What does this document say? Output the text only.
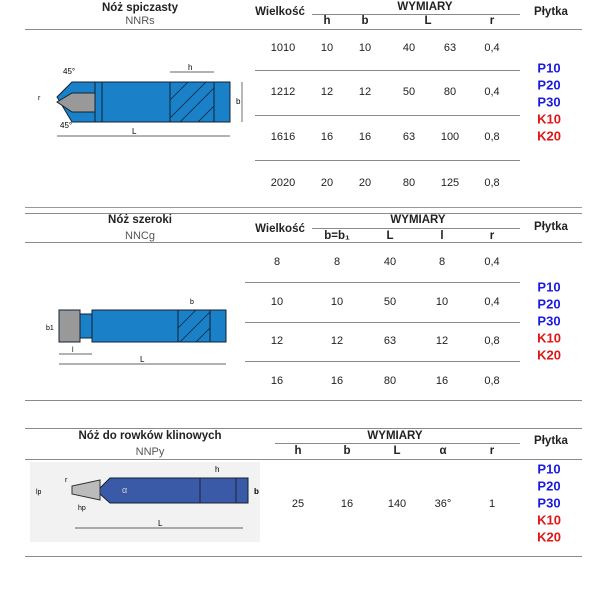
Nóż spiczasty
NNRs
Wielkość	WYMIARY
h	b	L	r
Płytka
1010 10 10	40	63	0,4
1212 12 12	50	80	0,4
1616 16 16	63 100 0,8
2020 20 20	80 125 0,8
Nóż szeroki
NNCg
Wielkość
WYMIARY
b=b₁	L	l	r
Płytka
8	8	40	8	0,4
10	10	50	10	0,4
12	12	63	12	0,8
16	16	80	16	0,8
Nóż do rowków klinowych
NNPy
WYMIARY
h	b	L	α	r
Płytka
25	16	140	36°	1
P10
P20
P30
K10
K20
P10
P20
P30
K10
K20
P10
P20
P30
K10
K20
L
h
b
r
45°
45°
l
L
b
b1
L
α
h
b
lp
hp
r
